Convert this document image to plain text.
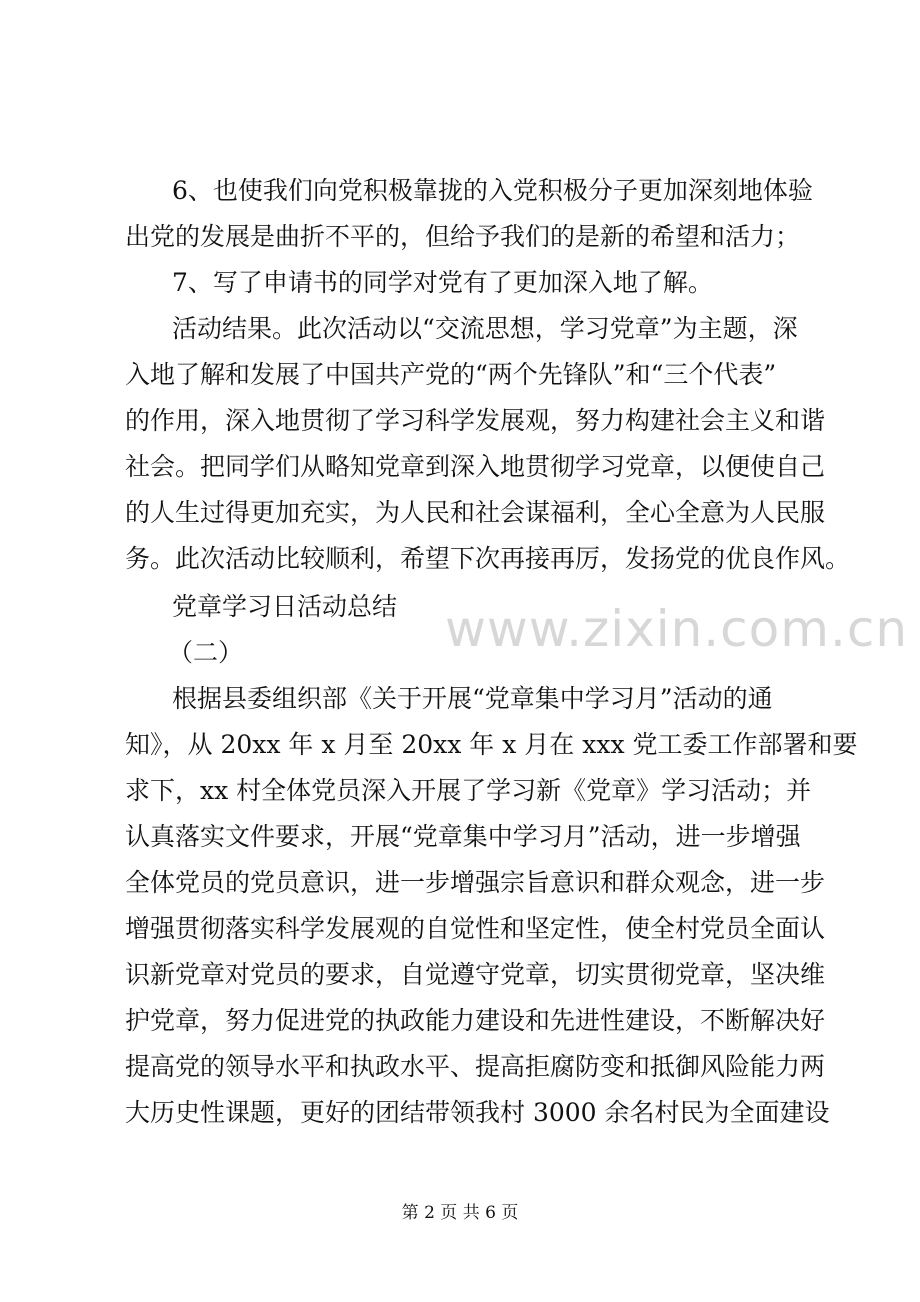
6、也使我们向党积极靠拢的入党积极分子更加深刻地体验
出党的发展是曲折不平的，但给予我们的是新的希望和活力；
7、写了申请书的同学对党有了更加深入地了解。
活动结果。此次活动以“交流思想，学习党章”为主题，深
入地了解和发展了中国共产党的“两个先锋队”和“三个代表”
的作用，深入地贯彻了学习科学发展观，努力构建社会主义和谐
社会。把同学们从略知党章到深入地贯彻学习党章，以便使自己
的人生过得更加充实，为人民和社会谋福利，全心全意为人民服
务。此次活动比较顺利，希望下次再接再厉，发扬党的优良作风。
党章学习日活动总结
（二）
根据县委组织部《关于开展“党章集中学习月”活动的通
知》，从 20xx 年 x 月至 20xx 年 x 月在 xxx 党工委工作部署和要
求下，xx 村全体党员深入开展了学习新《党章》学习活动；并
认真落实文件要求，开展“党章集中学习月”活动，进一步增强
全体党员的党员意识，进一步增强宗旨意识和群众观念，进一步
增强贯彻落实科学发展观的自觉性和坚定性，使全村党员全面认
识新党章对党员的要求，自觉遵守党章，切实贯彻党章，坚决维
护党章，努力促进党的执政能力建设和先进性建设，不断解决好
提高党的领导水平和执政水平、提高拒腐防变和抵御风险能力两
大历史性课题，更好的团结带领我村 3000 余名村民为全面建设
www.zixin.com.cn
第 2 页 共 6 页
